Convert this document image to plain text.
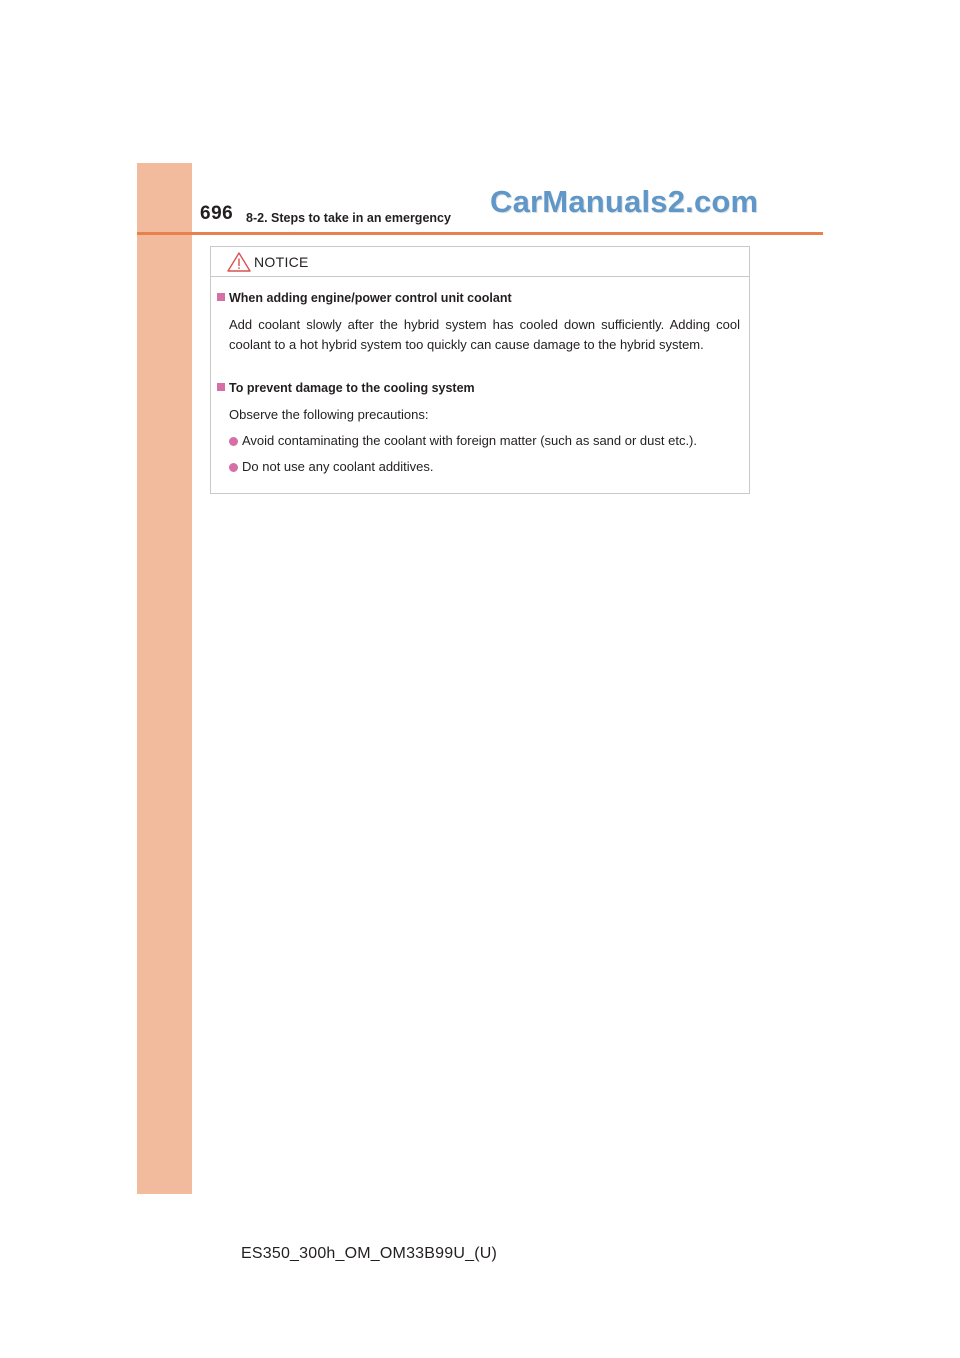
696 8-2. Steps to take in an emergency CarManuals2.com
NOTICE
When adding engine/power control unit coolant

Add coolant slowly after the hybrid system has cooled down sufficiently. Adding cool coolant to a hot hybrid system too quickly can cause damage to the hybrid system.

To prevent damage to the cooling system

Observe the following precautions:

Avoid contaminating the coolant with foreign matter (such as sand or dust etc.).
Do not use any coolant additives.
ES350_300h_OM_OM33B99U_(U)
